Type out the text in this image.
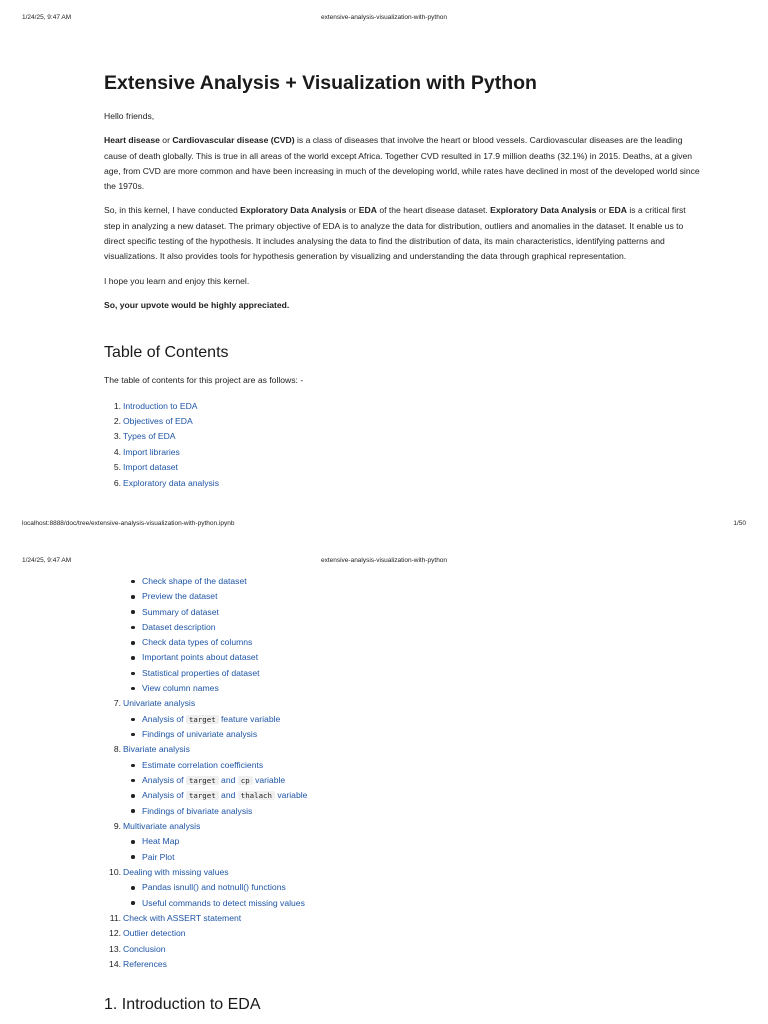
1/24/25, 9:47 AM	extensive-analysis-visualization-with-python
Extensive Analysis + Visualization with Python

Hello friends,

Heart disease or Cardiovascular disease (CVD) is a class of diseases that involve the heart or blood vessels. Cardiovascular diseases are the leading cause of death globally. This is true in all areas of the world except Africa. Together CVD resulted in 17.9 million deaths (32.1%) in 2015. Deaths, at a given age, from CVD are more common and have been increasing in much of the developing world, while rates have declined in most of the developed world since the 1970s.

So, in this kernel, I have conducted Exploratory Data Analysis or EDA of the heart disease dataset. Exploratory Data Analysis or EDA is a critical first step in analyzing a new dataset. The primary objective of EDA is to analyze the data for distribution, outliers and anomalies in the dataset. It enable us to direct specific testing of the hypothesis. It includes analysing the data to find the distribution of data, its main characteristics, identifying patterns and visualizations. It also provides tools for hypothesis generation by visualizing and understanding the data through graphical representation.

I hope you learn and enjoy this kernel.

So, your upvote would be highly appreciated.

Table of Contents

The table of contents for this project are as follows: -

1. Introduction to EDA
2. Objectives of EDA
3. Types of EDA
4. Import libraries
5. Import dataset
6. Exploratory data analysis
localhost:8888/doc/tree/extensive-analysis-visualization-with-python.ipynb	1/50
1/24/25, 9:47 AM	extensive-analysis-visualization-with-python
Check shape of the dataset
Preview the dataset
Summary of dataset
Dataset description
Check data types of columns
Important points about dataset
Statistical properties of dataset
View column names
7. Univariate analysis
Analysis of target feature variable
Findings of univariate analysis
8. Bivariate analysis
Estimate correlation coefficients
Analysis of target and cp variable
Analysis of target and thalach variable
Findings of bivariate analysis
9. Multivariate analysis
Heat Map
Pair Plot
10. Dealing with missing values
Pandas isnull() and notnull() functions
Useful commands to detect missing values
11. Check with ASSERT statement
12. Outlier detection
13. Conclusion
14. References
1. Introduction to EDA
